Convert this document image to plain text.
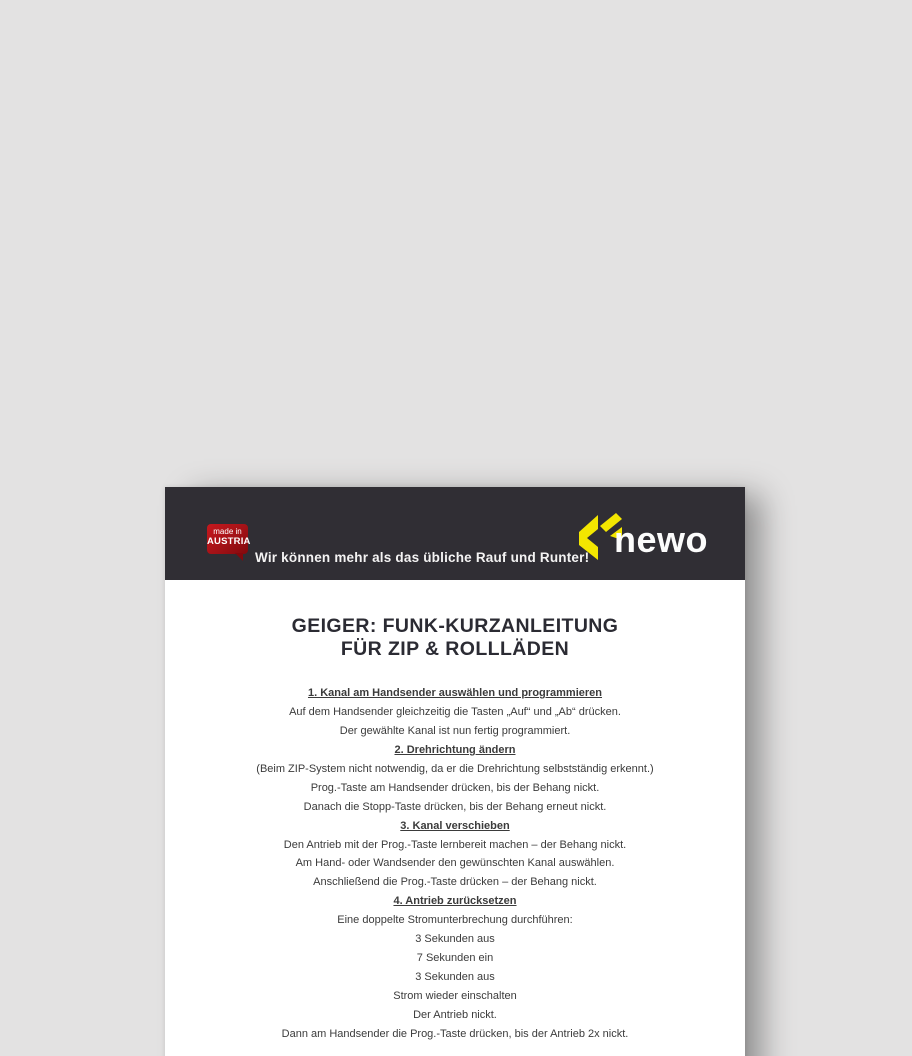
made in
AUSTRIA
Wir können mehr als das übliche Rauf und Runter! newo
GEIGER: FUNK-KURZANLEITUNG
FÜR ZIP & ROLLLÄDEN

1. Kanal am Handsender auswählen und programmieren

Auf dem Handsender gleichzeitig die Tasten „Auf“ und „Ab“ drücken.

Der gewählte Kanal ist nun fertig programmiert.

2. Drehrichtung ändern

(Beim ZIP-System nicht notwendig, da er die Drehrichtung selbstständig erkennt.)

Prog.-Taste am Handsender drücken, bis der Behang nickt.

Danach die Stopp-Taste drücken, bis der Behang erneut nickt.

3. Kanal verschieben

Den Antrieb mit der Prog.-Taste lernbereit machen – der Behang nickt.

Am Hand- oder Wandsender den gewünschten Kanal auswählen.

Anschließend die Prog.-Taste drücken – der Behang nickt.

4. Antrieb zurücksetzen

Eine doppelte Stromunterbrechung durchführen:

3 Sekunden aus

7 Sekunden ein

3 Sekunden aus

Strom wieder einschalten

Der Antrieb nickt.

Dann am Handsender die Prog.-Taste drücken, bis der Antrieb 2x nickt.
